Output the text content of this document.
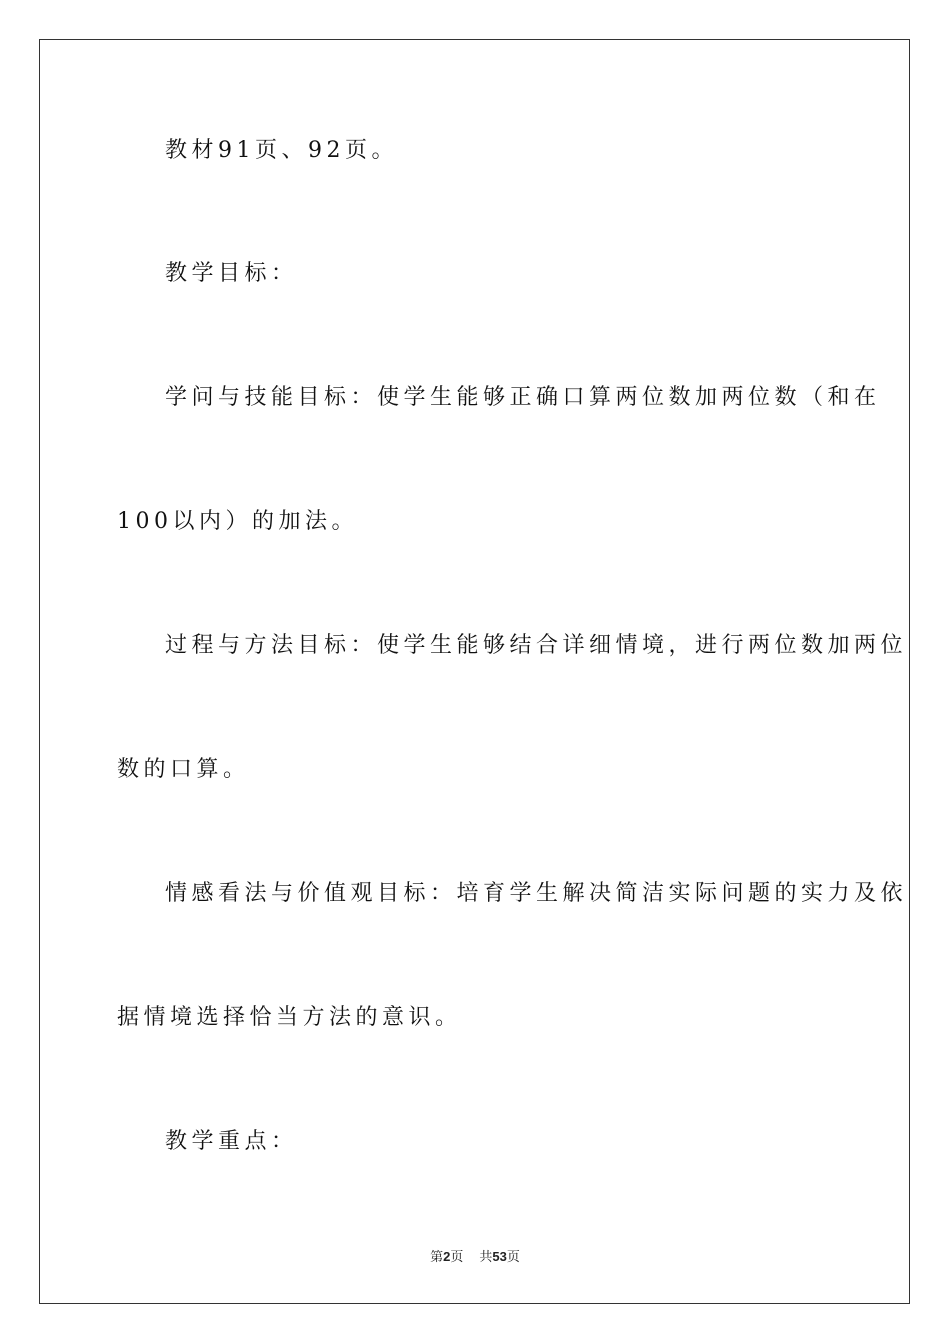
教材91页、92页。
教学目标：
学问与技能目标：使学生能够正确口算两位数加两位数（和在
100以内）的加法。
过程与方法目标：使学生能够结合详细情境，进行两位数加两位
数的口算。
情感看法与价值观目标：培育学生解决简洁实际问题的实力及依
据情境选择恰当方法的意识。
教学重点：
第2页 共53页
